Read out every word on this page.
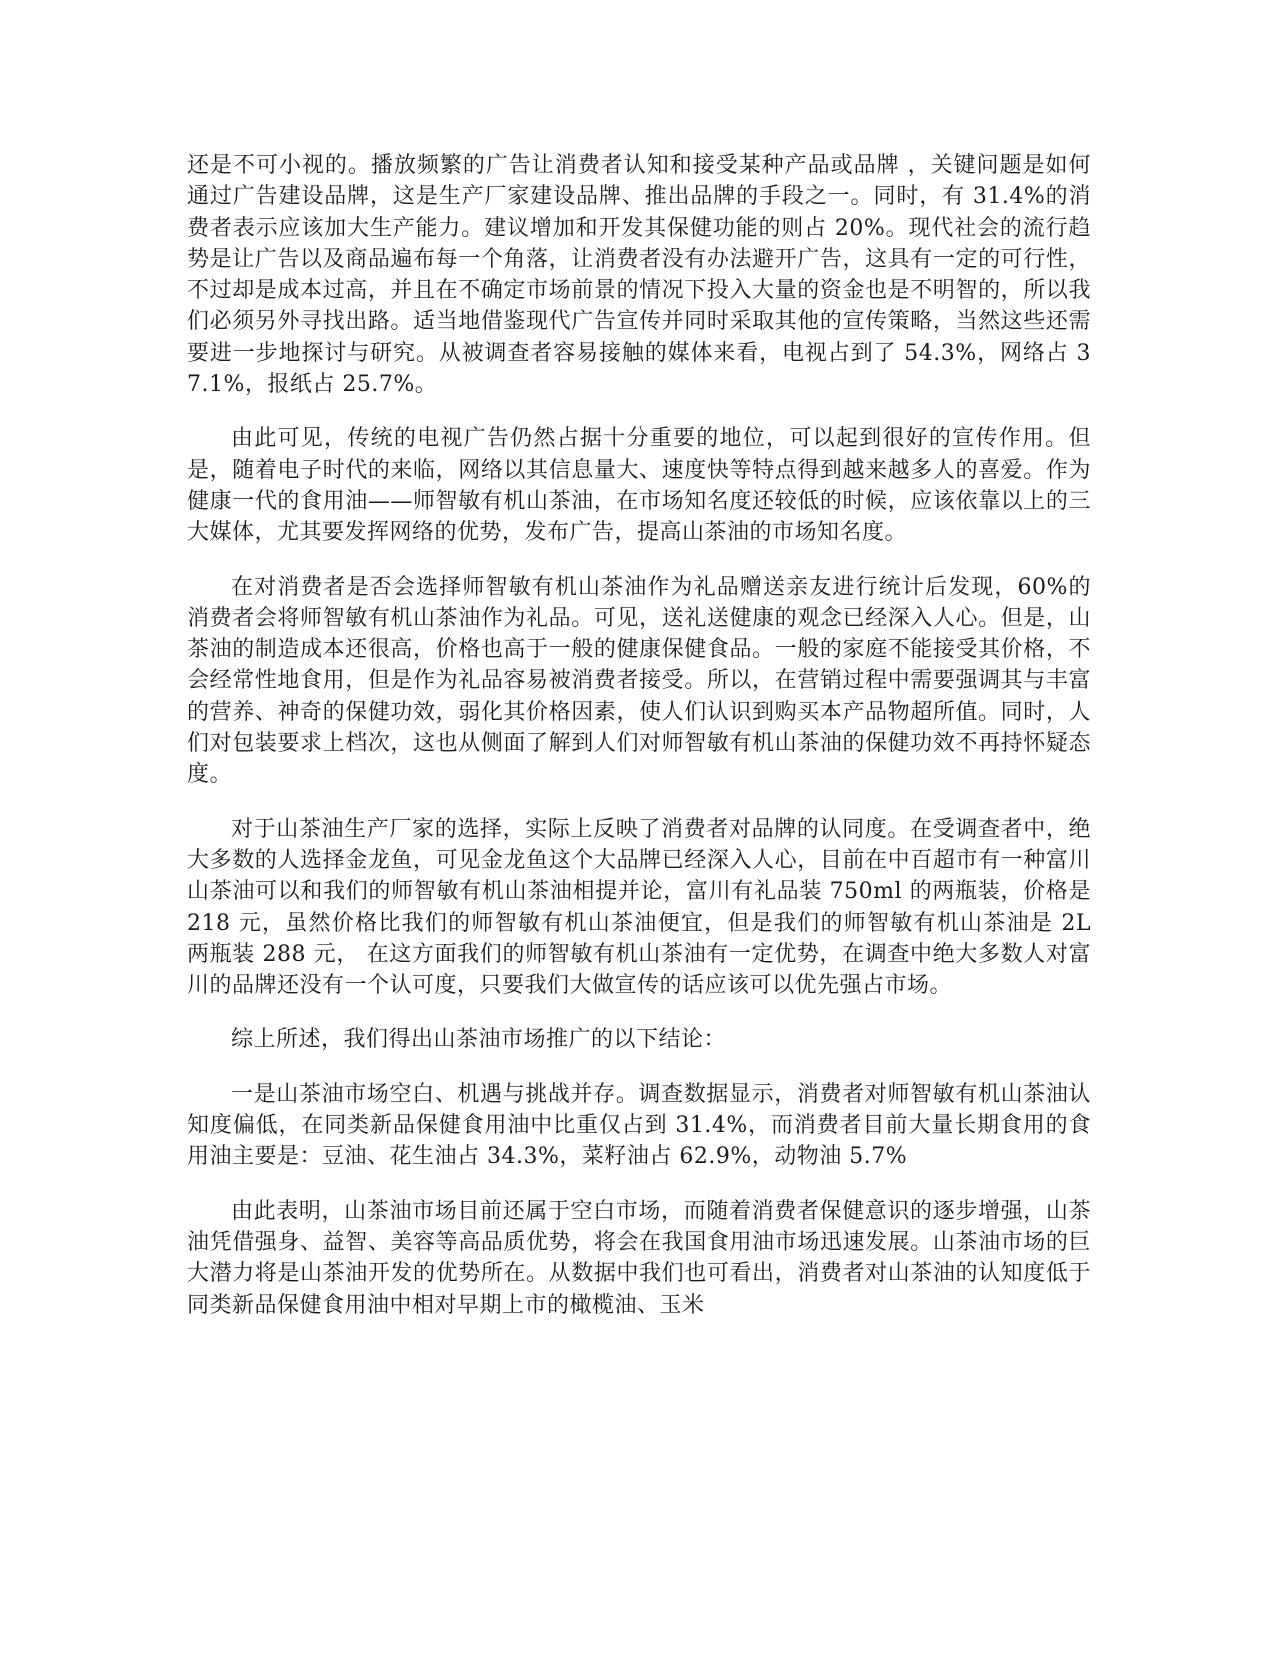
还是不可小视的。播放频繁的广告让消费者认知和接受某种产品或品牌 ，关键问题是如何通过广告建设品牌，这是生产厂家建设品牌、推出品牌的手段之一。同时，有 31.4%的消费者表示应该加大生产能力。建议增加和开发其保健功能的则占 20%。现代社会的流行趋势是让广告以及商品遍布每一个角落，让消费者没有办法避开广告，这具有一定的可行性，不过却是成本过高，并且在不确定市场前景的情况下投入大量的资金也是不明智的，所以我们必须另外寻找出路。适当地借鉴现代广告宣传并同时采取其他的宣传策略，当然这些还需要进一步地探讨与研究。从被调查者容易接触的媒体来看，电视占到了 54.3%，网络占 37.1%，报纸占 25.7%。

由此可见，传统的电视广告仍然占据十分重要的地位，可以起到很好的宣传作用。但是，随着电子时代的来临，网络以其信息量大、速度快等特点得到越来越多人的喜爱。作为健康一代的食用油——师智敏有机山茶油，在市场知名度还较低的时候，应该依靠以上的三大媒体，尤其要发挥网络的优势，发布广告，提高山茶油的市场知名度。

在对消费者是否会选择师智敏有机山茶油作为礼品赠送亲友进行统计后发现，60%的消费者会将师智敏有机山茶油作为礼品。可见，送礼送健康的观念已经深入人心。但是，山茶油的制造成本还很高，价格也高于一般的健康保健食品。一般的家庭不能接受其价格，不会经常性地食用，但是作为礼品容易被消费者接受。所以，在营销过程中需要强调其与丰富的营养、神奇的保健功效，弱化其价格因素，使人们认识到购买本产品物超所值。同时，人们对包装要求上档次，这也从侧面了解到人们对师智敏有机山茶油的保健功效不再持怀疑态度。

对于山茶油生产厂家的选择，实际上反映了消费者对品牌的认同度。在受调查者中，绝大多数的人选择金龙鱼，可见金龙鱼这个大品牌已经深入人心，目前在中百超市有一种富川山茶油可以和我们的师智敏有机山茶油相提并论，富川有礼品装 750ml 的两瓶装，价格是 218 元，虽然价格比我们的师智敏有机山茶油便宜，但是我们的师智敏有机山茶油是 2L 两瓶装 288 元， 在这方面我们的师智敏有机山茶油有一定优势，在调查中绝大多数人对富川的品牌还没有一个认可度，只要我们大做宣传的话应该可以优先强占市场。

综上所述，我们得出山茶油市场推广的以下结论：

一是山茶油市场空白、机遇与挑战并存。调查数据显示，消费者对师智敏有机山茶油认知度偏低，在同类新品保健食用油中比重仅占到 31.4%，而消费者目前大量长期食用的食用油主要是：豆油、花生油占 34.3%，菜籽油占 62.9%，动物油 5.7%

由此表明，山茶油市场目前还属于空白市场，而随着消费者保健意识的逐步增强，山茶油凭借强身、益智、美容等高品质优势，将会在我国食用油市场迅速发展。山茶油市场的巨大潜力将是山茶油开发的优势所在。从数据中我们也可看出，消费者对山茶油的认知度低于同类新品保健食用油中相对早期上市的橄榄油、玉米
